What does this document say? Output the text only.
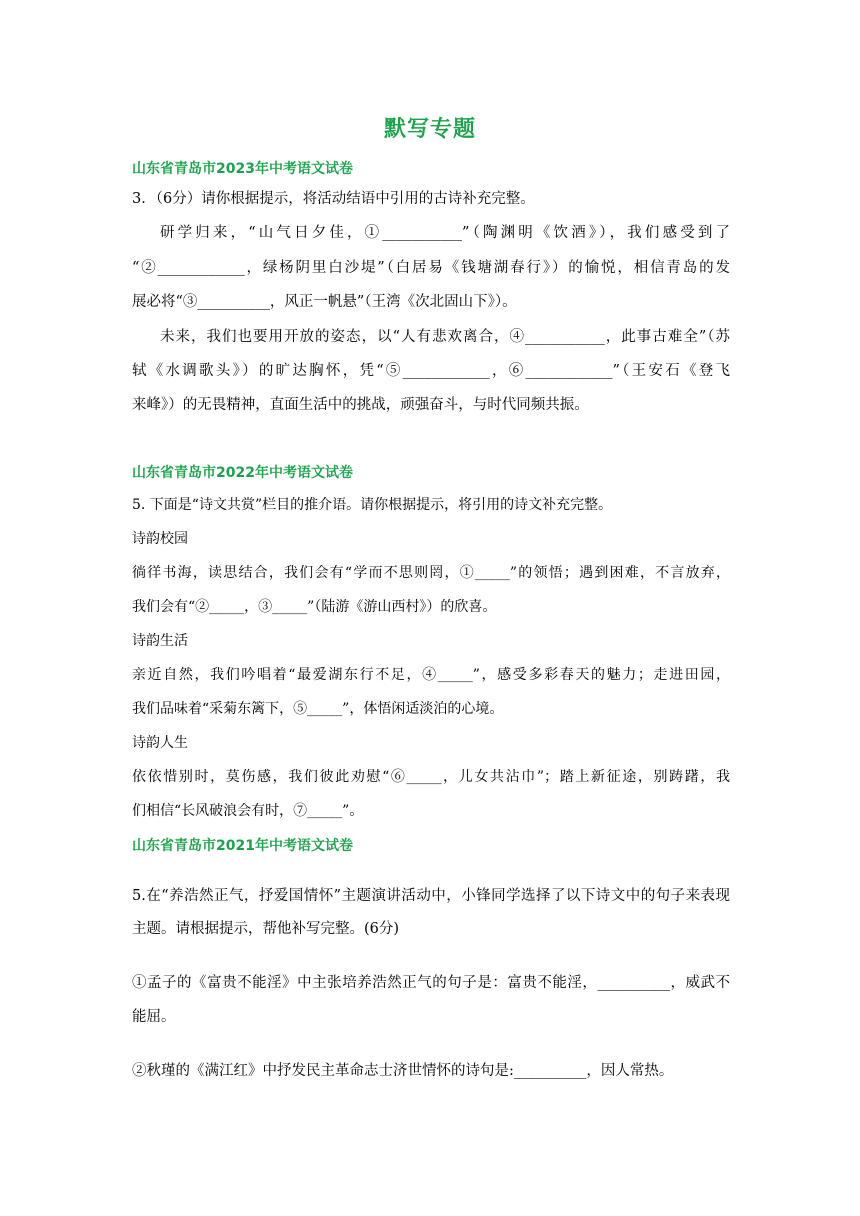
默写专题
山东省青岛市2023年中考语文试卷
3．（6分）请你根据提示，将活动结语中引用的古诗补充完整。
研学归来，“山气日夕佳，①___________”（陶渊明《饮酒》），我们感受到了
“②____________，绿杨阴里白沙堤”（白居易《钱塘湖春行》）的愉悦，相信青岛的发
展必将“③__________，风正一帆悬”（王湾《次北固山下》）。
未来，我们也要用开放的姿态，以“人有悲欢离合，④___________，此事古难全”（苏
轼《水调歌头》）的旷达胸怀，凭“⑤____________，⑥____________”（王安石《登飞
来峰》）的无畏精神，直面生活中的挑战，顽强奋斗，与时代同频共振。
山东省青岛市2022年中考语文试卷
5. 下面是“诗文共赏”栏目的推介语。请你根据提示，将引用的诗文补充完整。
诗韵校园
徜徉书海，读思结合，我们会有“学而不思则罔，①_____”的领悟；遇到困难，不言放弃，
我们会有“②_____，③_____”（陆游《游山西村》）的欣喜。
诗韵生活
亲近自然，我们吟唱着“最爱湖东行不足，④_____”，感受多彩春天的魅力；走进田园，
我们品味着“采菊东篱下，⑤_____”，体悟闲适淡泊的心境。
诗韵人生
依依惜别时，莫伤感，我们彼此劝慰“⑥_____，儿女共沾巾”；踏上新征途，别踌躇，我
们相信“长风破浪会有时，⑦_____”。
山东省青岛市2021年中考语文试卷
5.在“养浩然正气，抒爱国情怀”主题演讲活动中，小锋同学选择了以下诗文中的句子来表现
主题。请根据提示，帮他补写完整。(6分)
①孟子的《富贵不能淫》中主张培养浩然正气的句子是：富贵不能淫，__________，威武不
能屈。
②秋瑾的《满江红》中抒发民主革命志士济世情怀的诗句是:__________，因人常热。
